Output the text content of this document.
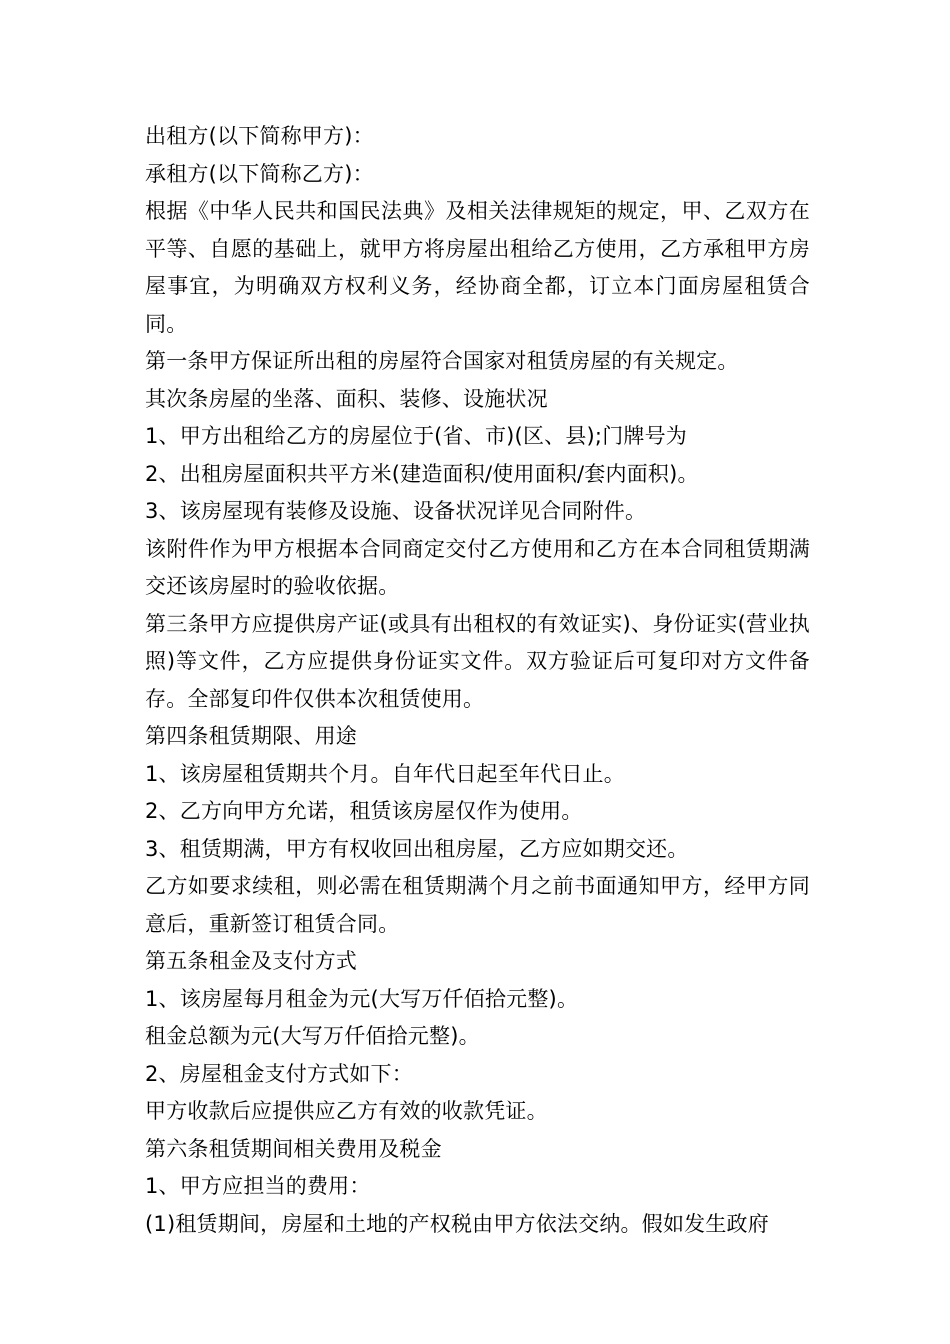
出租方(以下简称甲方)：

承租方(以下简称乙方)：

根据《中华人民共和国民法典》及相关法律规矩的规定，甲、乙双方在平等、自愿的基础上，就甲方将房屋出租给乙方使用，乙方承租甲方房屋事宜，为明确双方权利义务，经协商全都，订立本门面房屋租赁合同。

第一条甲方保证所出租的房屋符合国家对租赁房屋的有关规定。

其次条房屋的坐落、面积、装修、设施状况

1、甲方出租给乙方的房屋位于(省、市)(区、县);门牌号为

2、出租房屋面积共平方米(建造面积/使用面积/套内面积)。

3、该房屋现有装修及设施、设备状况详见合同附件。

该附件作为甲方根据本合同商定交付乙方使用和乙方在本合同租赁期满交还该房屋时的验收依据。

第三条甲方应提供房产证(或具有出租权的有效证实)、身份证实(营业执照)等文件，乙方应提供身份证实文件。双方验证后可复印对方文件备存。全部复印件仅供本次租赁使用。

第四条租赁期限、用途

1、该房屋租赁期共个月。自年代日起至年代日止。

2、乙方向甲方允诺，租赁该房屋仅作为使用。

3、租赁期满，甲方有权收回出租房屋，乙方应如期交还。

乙方如要求续租，则必需在租赁期满个月之前书面通知甲方，经甲方同意后，重新签订租赁合同。

第五条租金及支付方式

1、该房屋每月租金为元(大写万仟佰拾元整)。

租金总额为元(大写万仟佰拾元整)。

2、房屋租金支付方式如下：

甲方收款后应提供应乙方有效的收款凭证。

第六条租赁期间相关费用及税金

1、甲方应担当的费用：

(1)租赁期间，房屋和土地的产权税由甲方依法交纳。假如发生政府
